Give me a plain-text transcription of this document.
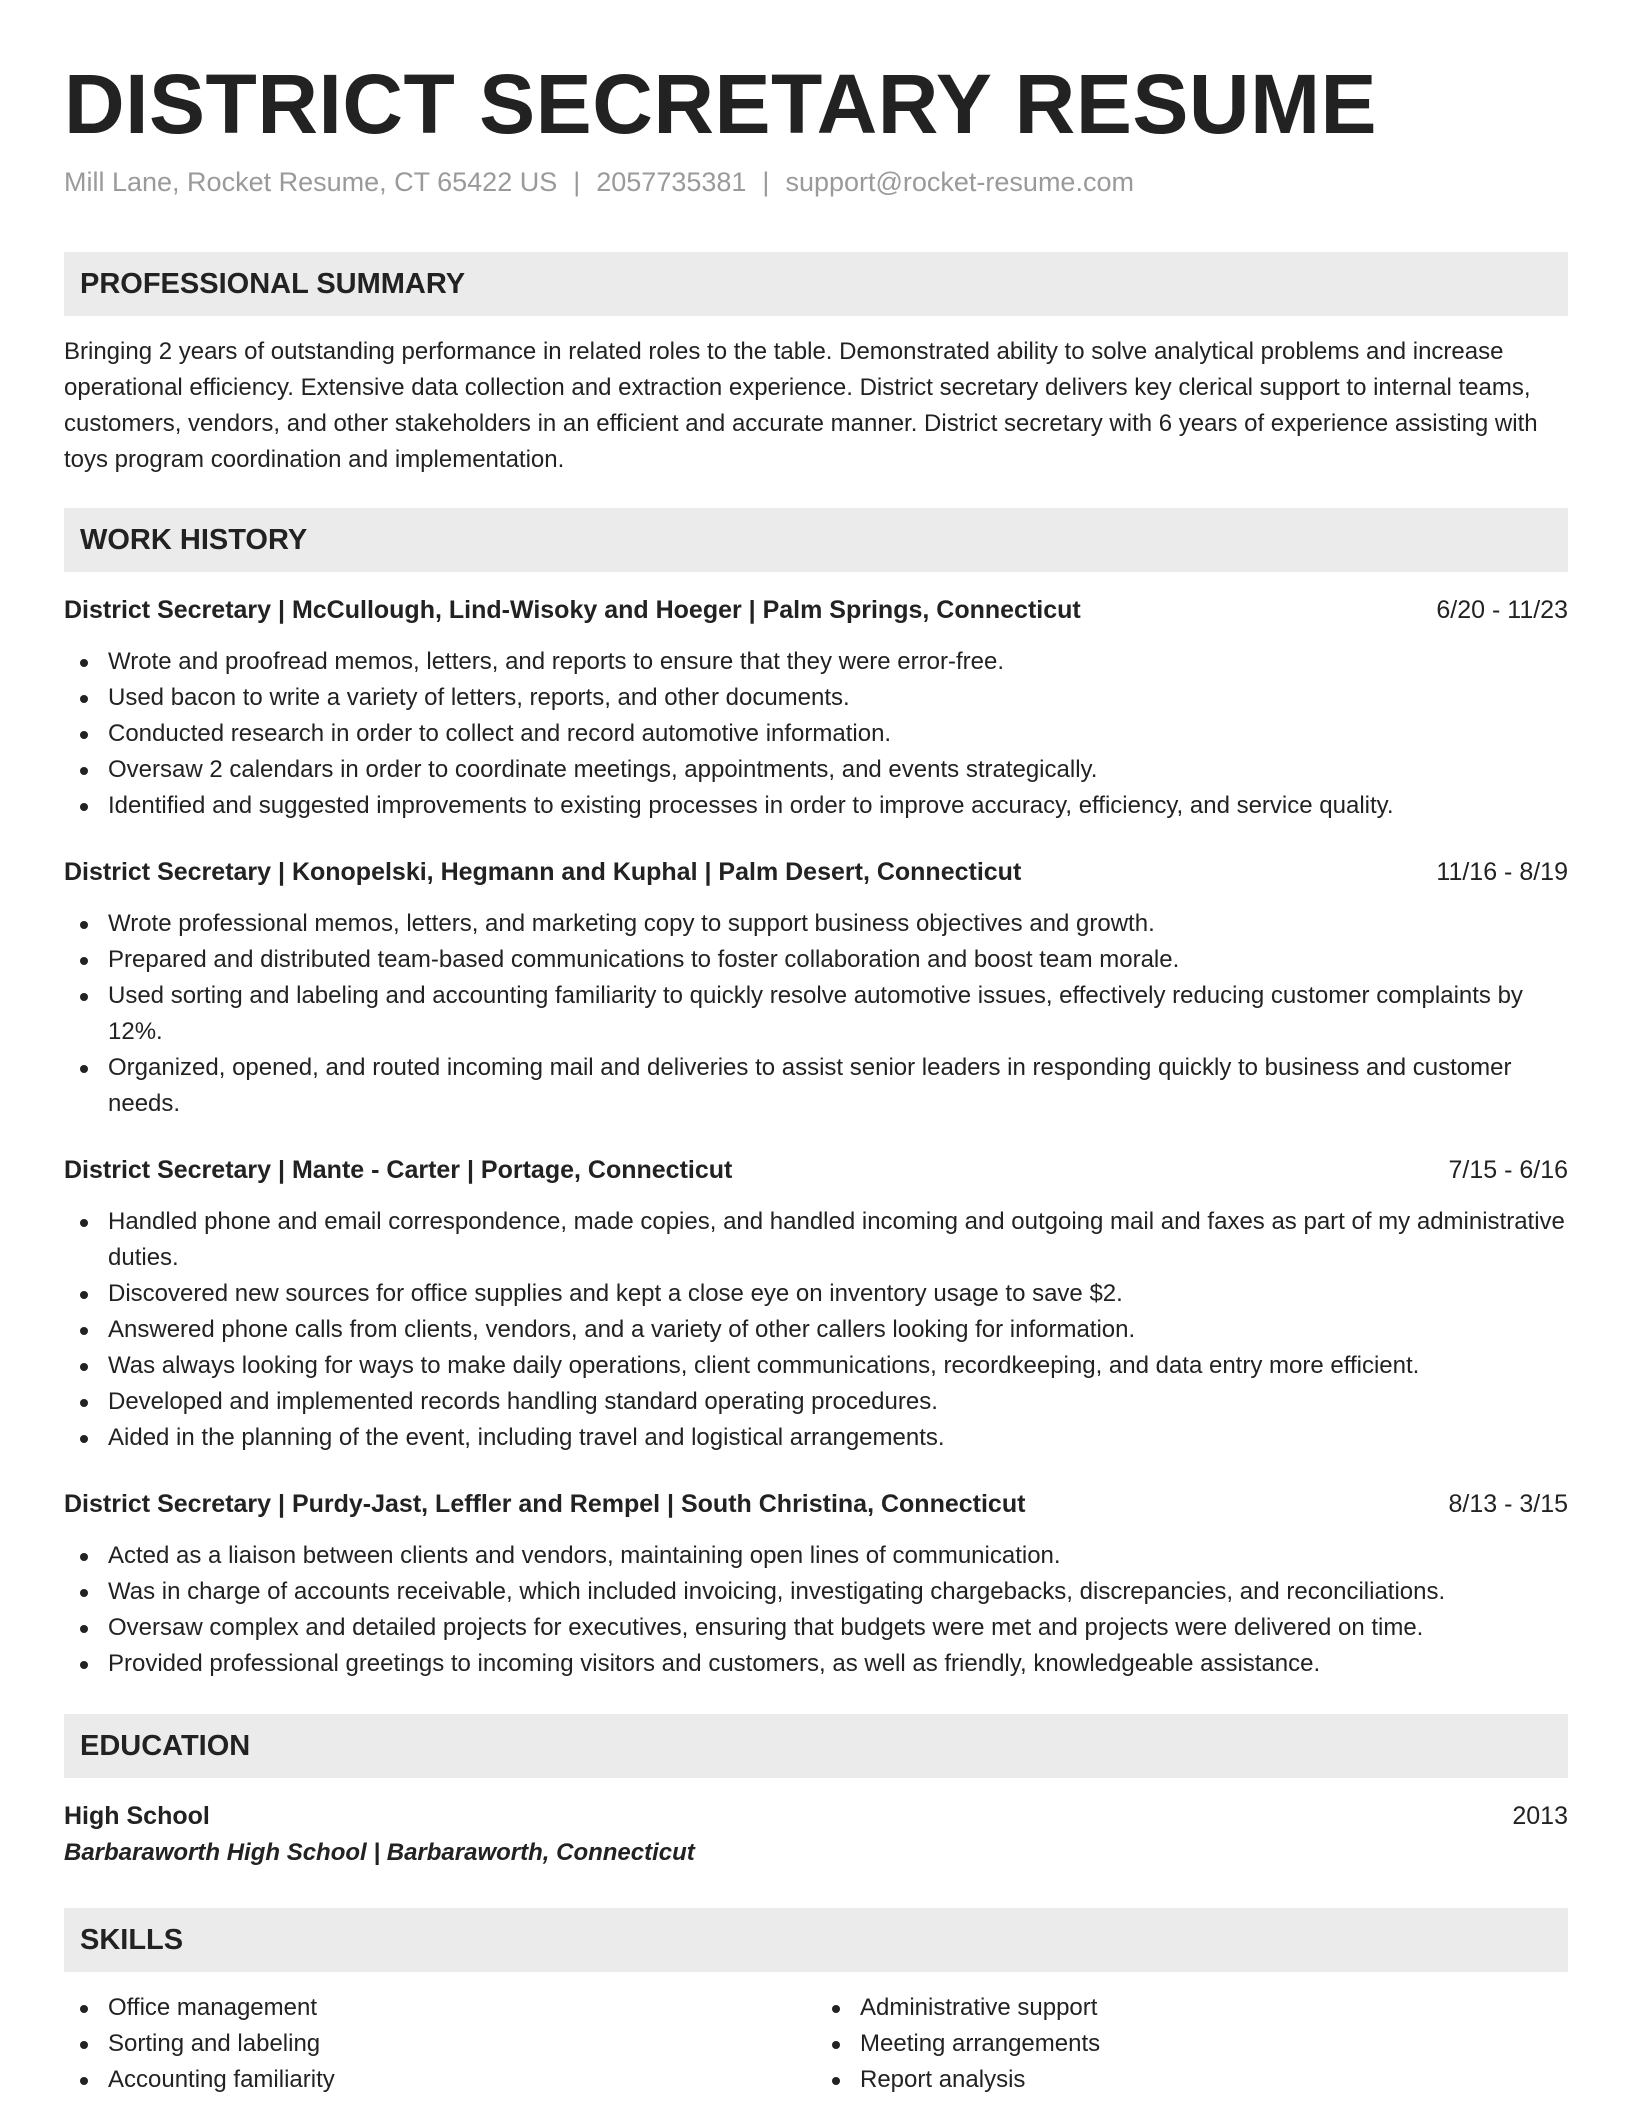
DISTRICT SECRETARY RESUME
Mill Lane, Rocket Resume, CT 65422 US | 2057735381 | support@rocket-resume.com
PROFESSIONAL SUMMARY

Bringing 2 years of outstanding performance in related roles to the table. Demonstrated ability to solve analytical problems and increase operational efficiency. Extensive data collection and extraction experience. District secretary delivers key clerical support to internal teams, customers, vendors, and other stakeholders in an efficient and accurate manner. District secretary with 6 years of experience assisting with toys program coordination and implementation.

WORK HISTORY
District Secretary | McCullough, Lind-Wisoky and Hoeger | Palm Springs, Connecticut	6/20 - 11/23
Wrote and proofread memos, letters, and reports to ensure that they were error-free.
Used bacon to write a variety of letters, reports, and other documents.
Conducted research in order to collect and record automotive information.
Oversaw 2 calendars in order to coordinate meetings, appointments, and events strategically.
Identified and suggested improvements to existing processes in order to improve accuracy, efficiency, and service quality.
District Secretary | Konopelski, Hegmann and Kuphal | Palm Desert, Connecticut	11/16 - 8/19
Wrote professional memos, letters, and marketing copy to support business objectives and growth.
Prepared and distributed team-based communications to foster collaboration and boost team morale.
Used sorting and labeling and accounting familiarity to quickly resolve automotive issues, effectively reducing customer complaints by 12%.
Organized, opened, and routed incoming mail and deliveries to assist senior leaders in responding quickly to business and customer needs.
District Secretary | Mante - Carter | Portage, Connecticut	7/15 - 6/16
Handled phone and email correspondence, made copies, and handled incoming and outgoing mail and faxes as part of my administrative duties.
Discovered new sources for office supplies and kept a close eye on inventory usage to save $2.
Answered phone calls from clients, vendors, and a variety of other callers looking for information.
Was always looking for ways to make daily operations, client communications, recordkeeping, and data entry more efficient.
Developed and implemented records handling standard operating procedures.
Aided in the planning of the event, including travel and logistical arrangements.
District Secretary | Purdy-Jast, Leffler and Rempel | South Christina, Connecticut	8/13 - 3/15
Acted as a liaison between clients and vendors, maintaining open lines of communication.
Was in charge of accounts receivable, which included invoicing, investigating chargebacks, discrepancies, and reconciliations.
Oversaw complex and detailed projects for executives, ensuring that budgets were met and projects were delivered on time.
Provided professional greetings to incoming visitors and customers, as well as friendly, knowledgeable assistance.
EDUCATION
High School	2013
Barbaraworth High School | Barbaraworth, Connecticut
SKILLS
Office management
Sorting and labeling
Accounting familiarity
Administrative support
Meeting arrangements
Report analysis
